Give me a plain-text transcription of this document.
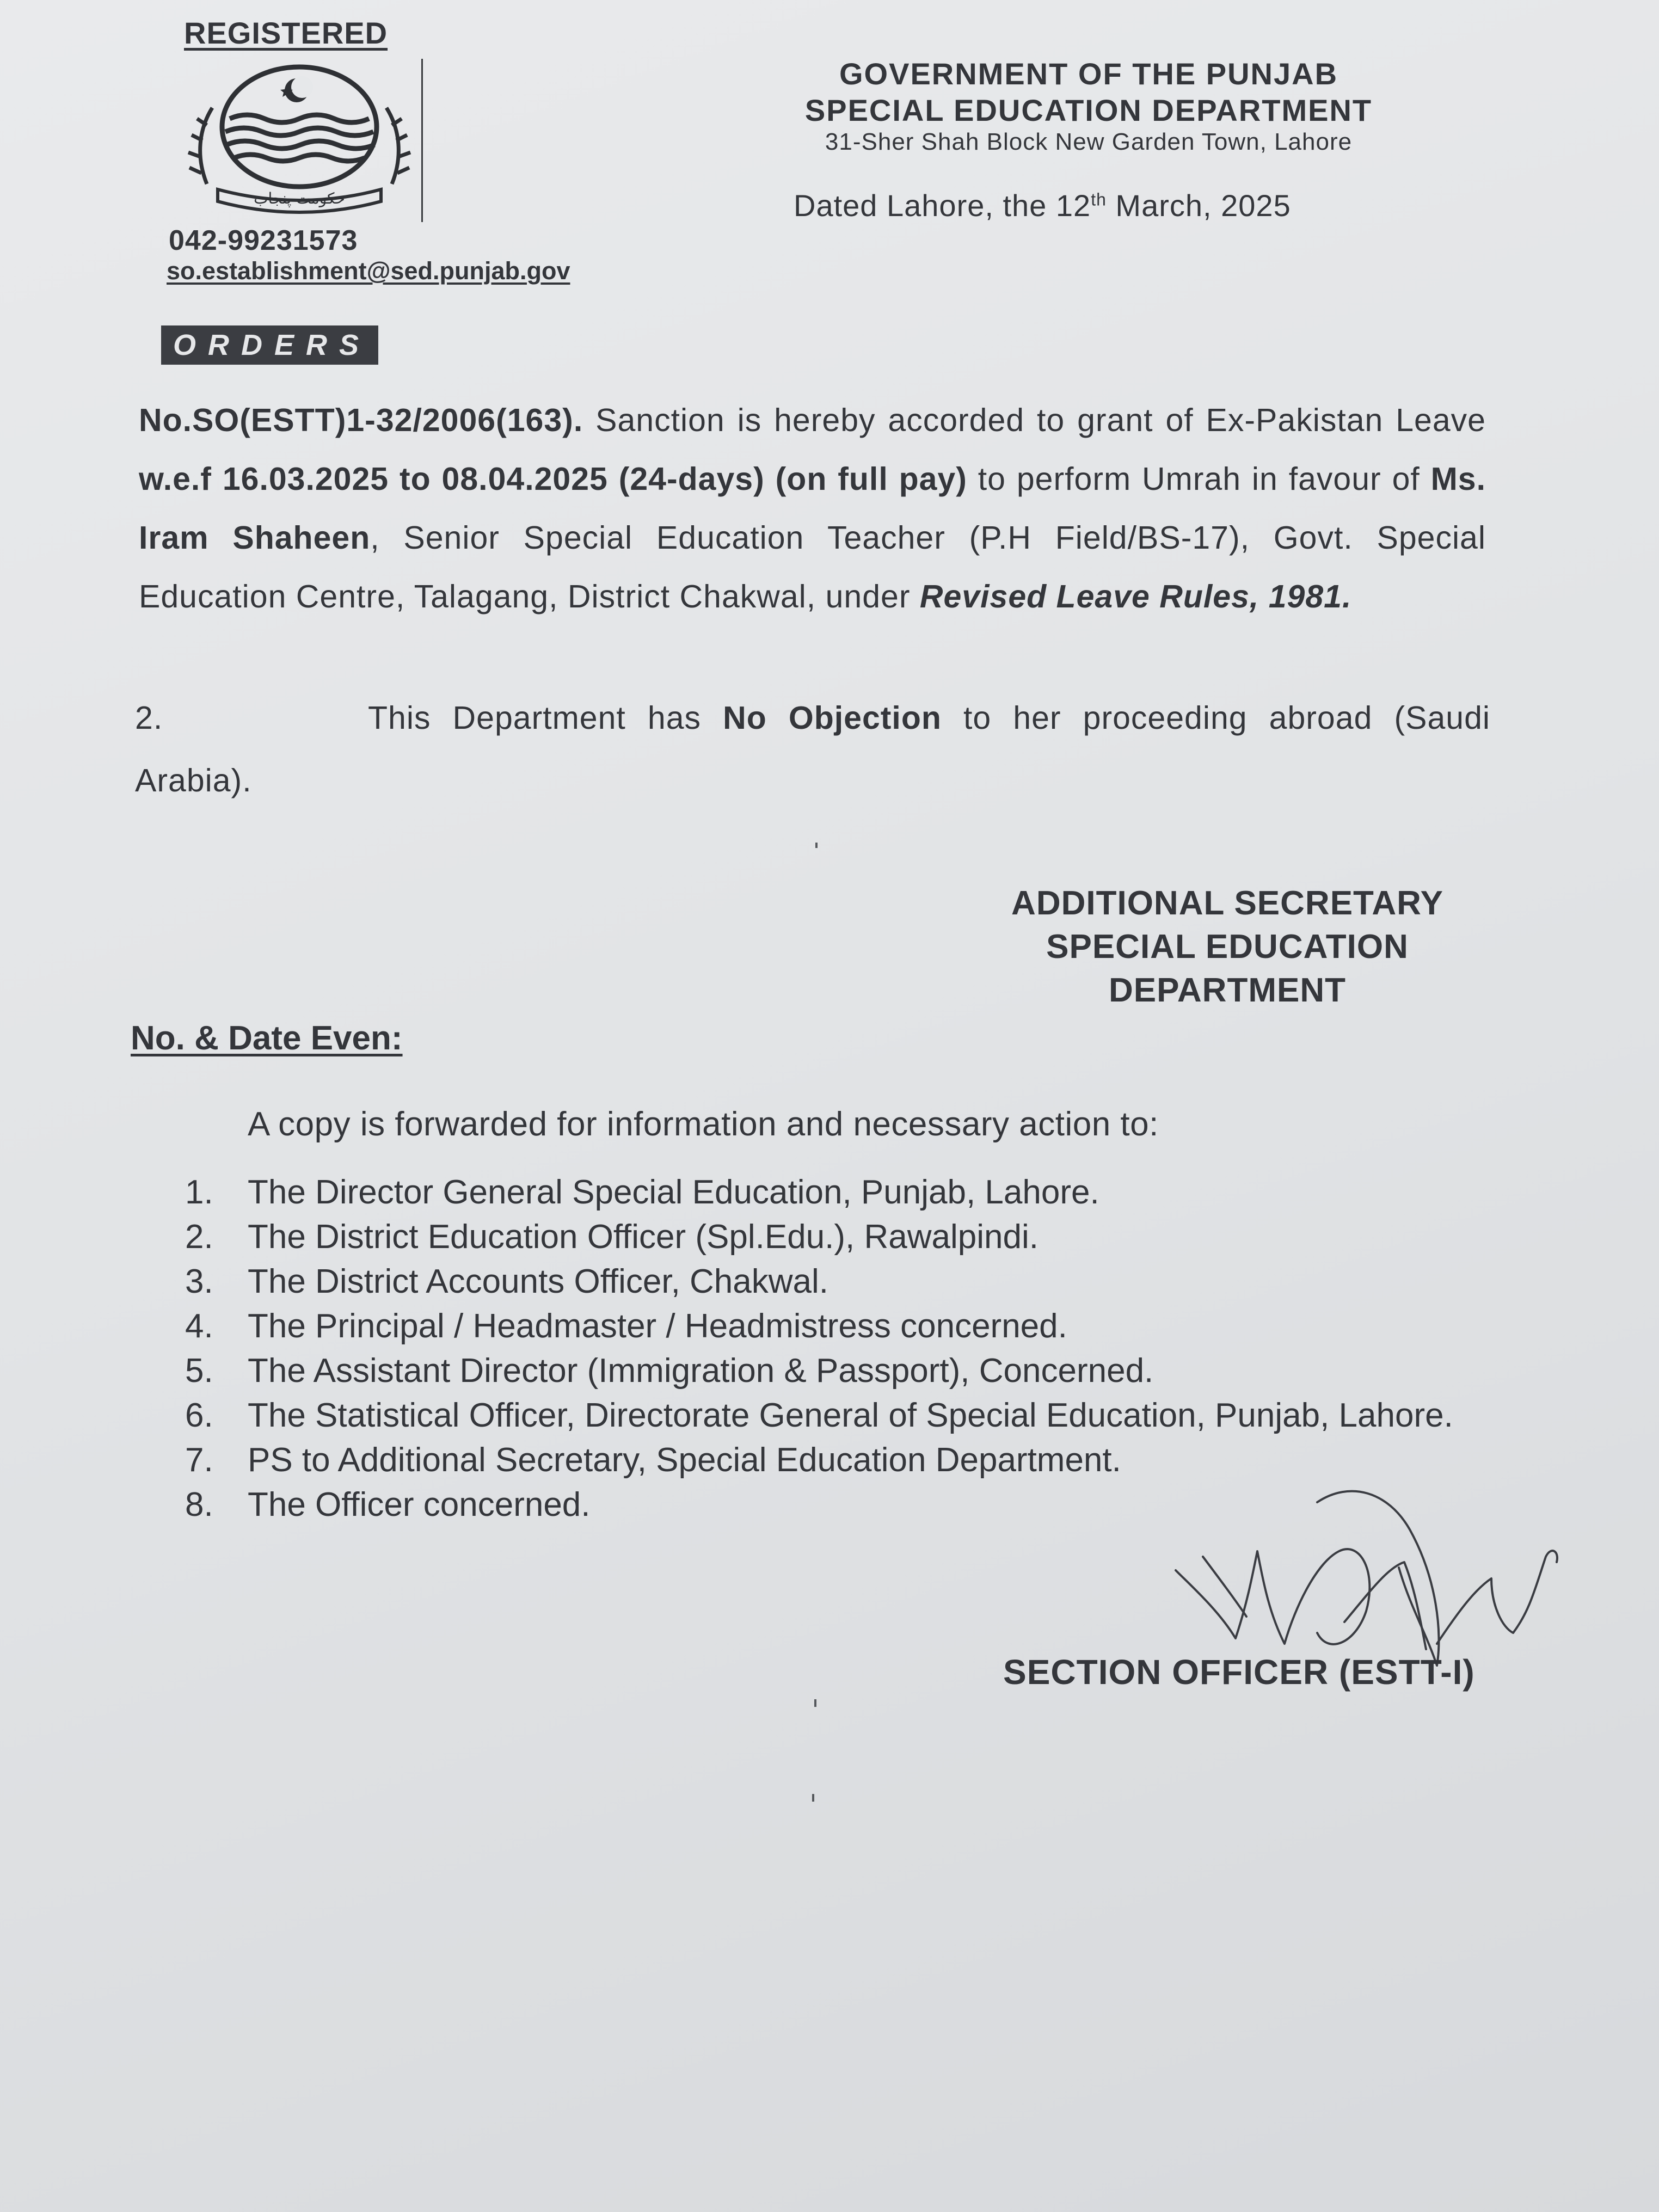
REGISTERED
حکومت پنجاب
042-99231573
so.establishment@sed.punjab.gov
GOVERNMENT OF THE PUNJAB
SPECIAL EDUCATION DEPARTMENT
31-Sher Shah Block New Garden Town, Lahore
Dated Lahore, the 12th March, 2025
ORDERS

No.SO(ESTT)1-32/2006(163). Sanction is hereby accorded to grant of Ex-Pakistan Leave w.e.f 16.03.2025 to 08.04.2025 (24-days) (on full pay) to perform Umrah in favour of Ms. Iram Shaheen, Senior Special Education Teacher (P.H Field/BS-17), Govt. Special Education Centre, Talagang, District Chakwal, under Revised Leave Rules, 1981.

2.	This Department has No Objection to her proceeding abroad (Saudi Arabia).

ADDITIONAL SECRETARY
SPECIAL EDUCATION
DEPARTMENT
No. & Date Even:
A copy is forwarded for information and necessary action to:
1.	The Director General Special Education, Punjab, Lahore.
2.	The District Education Officer (Spl.Edu.), Rawalpindi.
3.	The District Accounts Officer, Chakwal.
4.	The Principal / Headmaster / Headmistress concerned.
5.	The Assistant Director (Immigration & Passport), Concerned.
6.	The Statistical Officer, Directorate General of Special Education, Punjab, Lahore.
7.	PS to Additional Secretary, Special Education Department.
8.	The Officer concerned.
SECTION OFFICER (ESTT-I)
